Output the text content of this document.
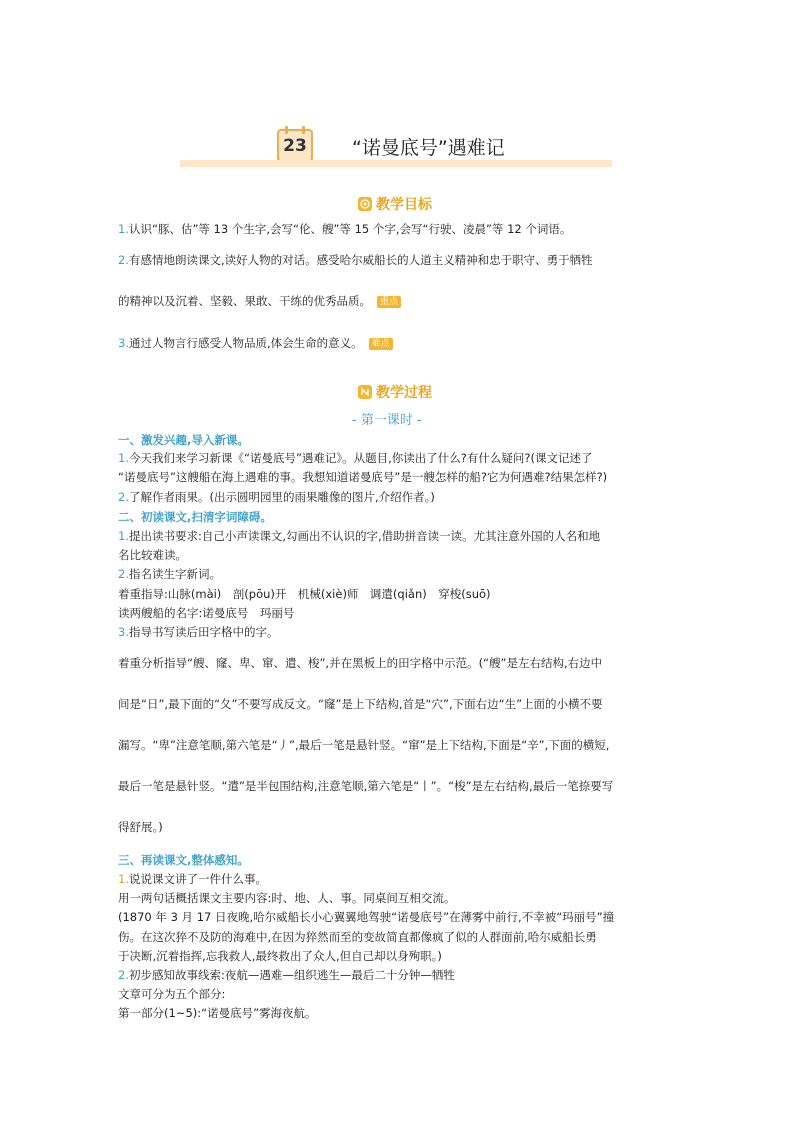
23	“诺曼底号”遇难记
教学目标
1.认识“豚、估”等 13 个生字,会写“伦、艘”等 15 个字,会写“行驶、凌晨”等 12 个词语。
2.有感情地朗读课文,读好人物的对话。感受哈尔威船长的人道主义精神和忠于职守、勇于牺牲
的精神以及沉着、坚毅、果敢、干练的优秀品质。 重点
3.通过人物言行感受人物品质,体会生命的意义。 难点
教学过程
- 第一课时 -
一、激发兴趣,导入新课。
1.今天我们来学习新课《“诺曼底号”遇难记》。从题目,你读出了什么?有什么疑问?(课文记述了
“诺曼底号”这艘船在海上遇难的事。我想知道诺曼底号”是一艘怎样的船?它为何遇难?结果怎样?)
2.了解作者雨果。(出示圆明园里的雨果雕像的图片,介绍作者。)
二、初读课文,扫清字词障碍。
1.提出读书要求:自己小声读课文,勾画出不认识的字,借助拼音读一读。尤其注意外国的人名和地
名比较难读。
2.指名读生字新词。
着重指导:山脉(mài)　剖(pōu)开　机械(xiè)师　调遣(qiǎn)　穿梭(suō)
读两艘船的名字:诺曼底号　玛丽号
3.指导书写读后田字格中的字。
着重分析指导“艘、窿、卑、窜、遣、梭”,并在黑板上的田字格中示范。(“艘”是左右结构,右边中
间是“日”,最下面的“夂”不要写成反文。“窿”是上下结构,首是“穴”,下面右边“生”上面的小横不要
漏写。“卑”注意笔顺,第六笔是“丿”,最后一笔是悬针竖。“窜”是上下结构,下面是“辛”,下面的横短,
最后一笔是悬针竖。“遣”是半包围结构,注意笔顺,第六笔是“丨”。“梭”是左右结构,最后一笔捺要写
得舒展。)
三、再读课文,整体感知。
1.说说课文讲了一件什么事。
用一两句话概括课文主要内容:时、地、人、事。同桌间互相交流。
(1870 年 3 月 17 日夜晚,哈尔威船长小心翼翼地驾驶“诺曼底号”在薄雾中前行,不幸被“玛丽号”撞
伤。在这次猝不及防的海难中,在因为猝然而至的变故简直都像疯了似的人群面前,哈尔威船长勇
于决断,沉着指挥,忘我救人,最终救出了众人,但自己却以身殉职。)
2.初步感知故事线索:夜航—遇难—组织逃生—最后二十分钟—牺牲
文章可分为五个部分:
第一部分(1~5):“诺曼底号”雾海夜航。
